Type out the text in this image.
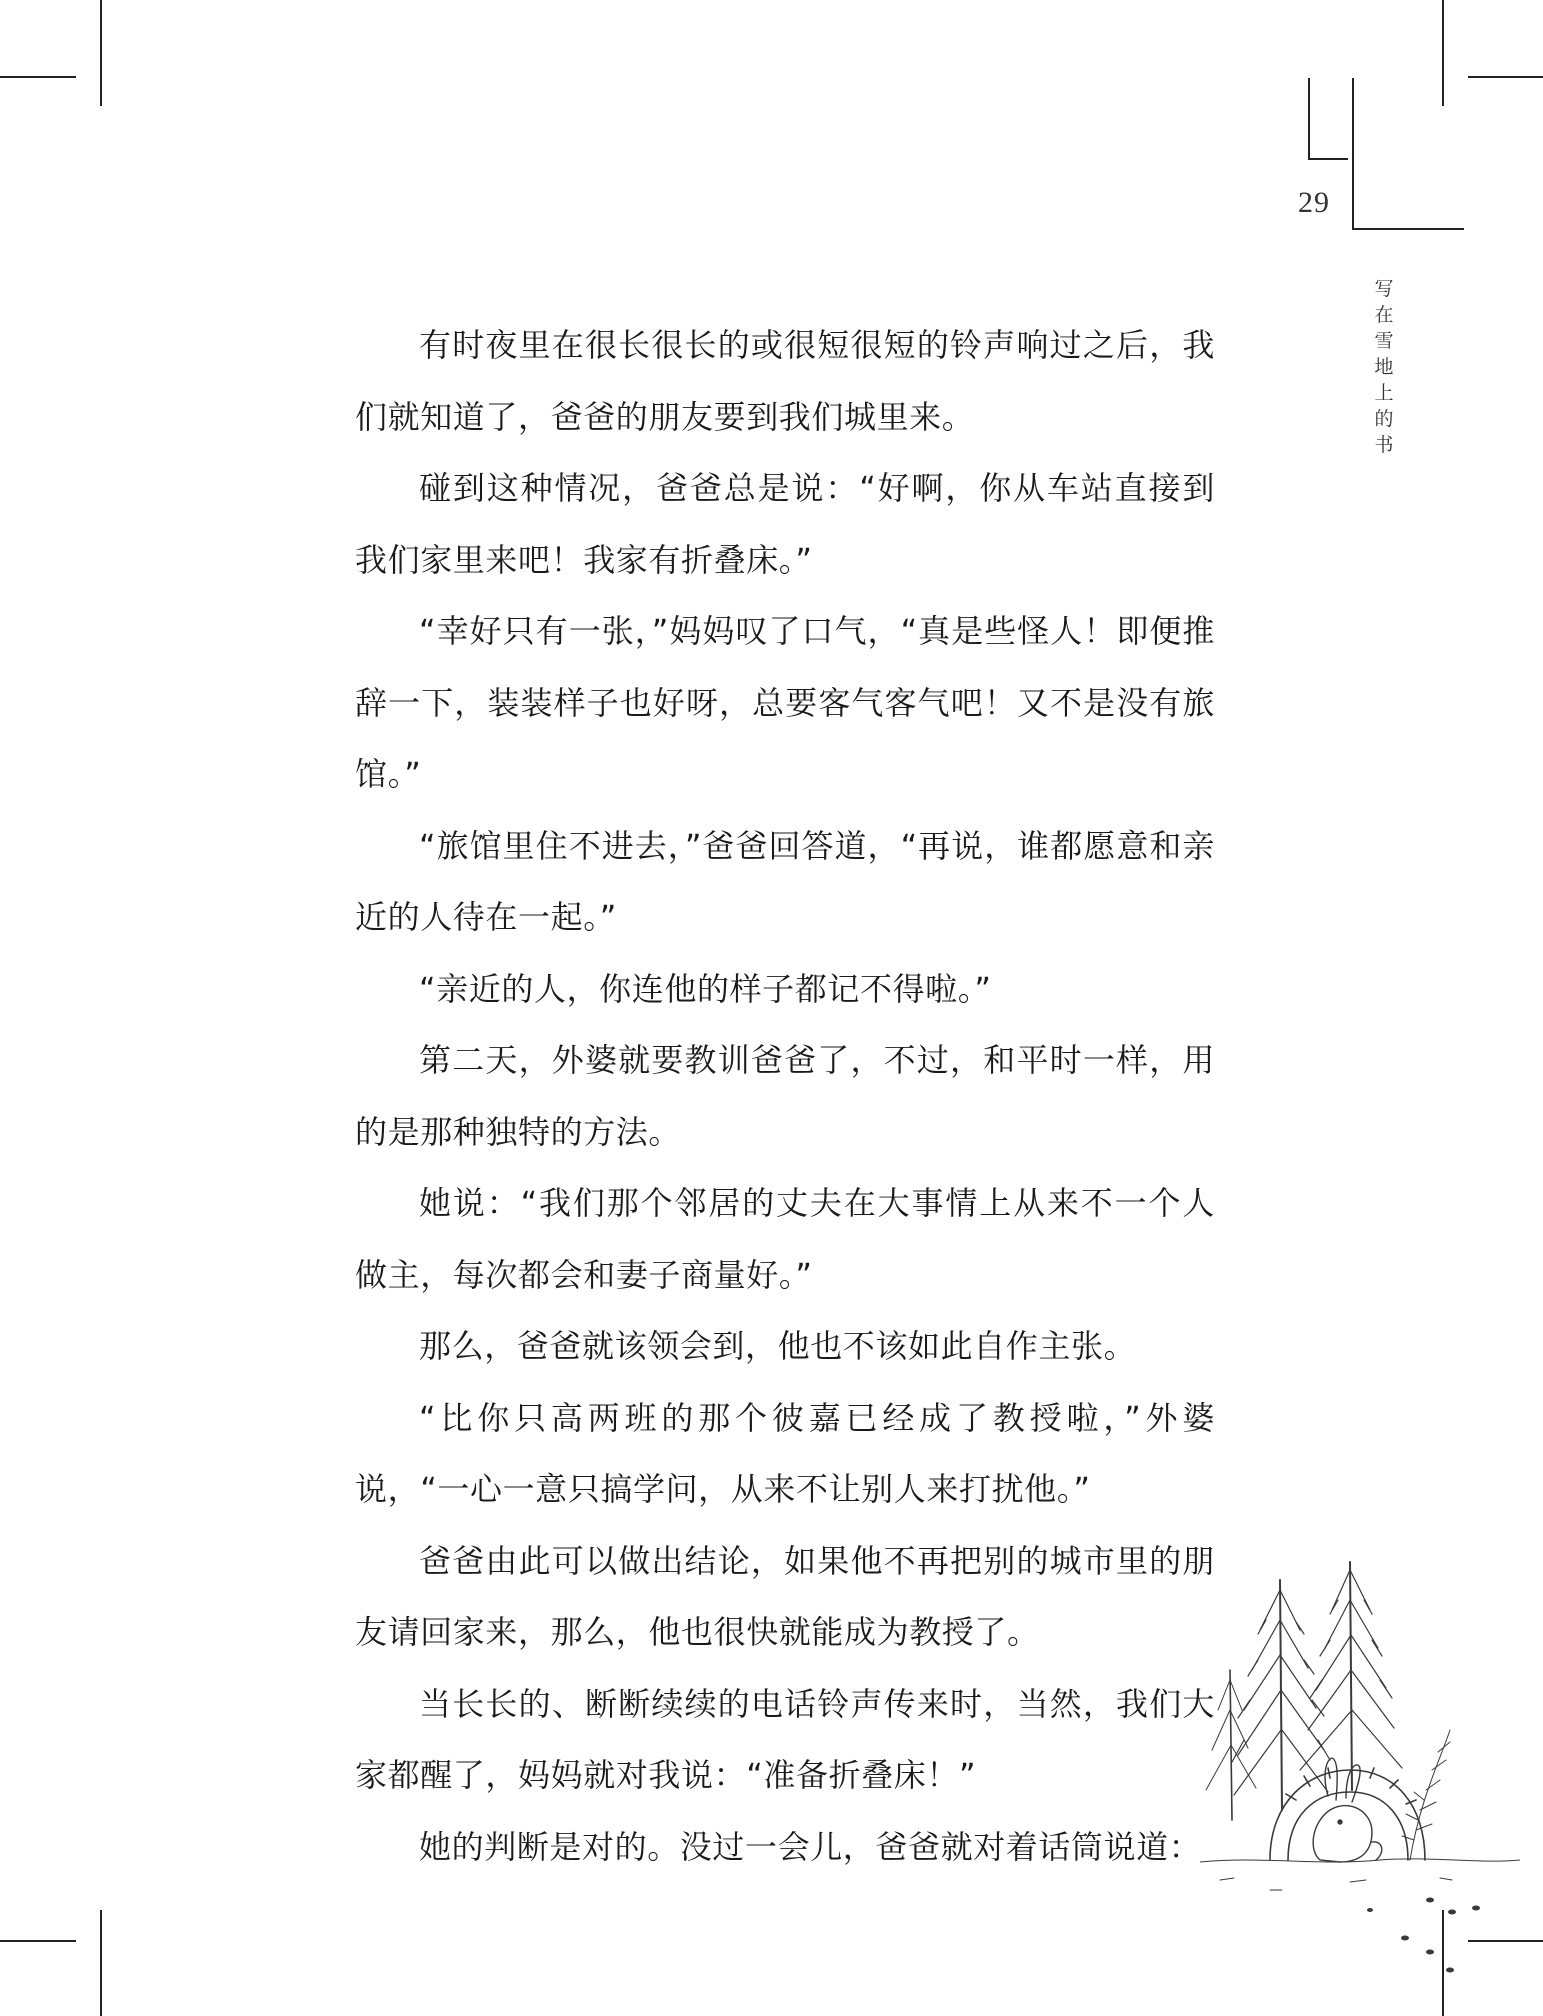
29
写在雪地上的书

有时夜里在很长很长的或很短很短的铃声响过之后，我们就知道了，爸爸的朋友要到我们城里来。

碰到这种情况，爸爸总是说：“好啊，你从车站直接到我们家里来吧！我家有折叠床。”

“幸好只有一张，”妈妈叹了口气，“真是些怪人！即便推辞一下，装装样子也好呀，总要客气客气吧！又不是没有旅馆。”

“旅馆里住不进去，”爸爸回答道，“再说，谁都愿意和亲近的人待在一起。”

“亲近的人，你连他的样子都记不得啦。”

第二天，外婆就要教训爸爸了，不过，和平时一样，用的是那种独特的方法。

她说：“我们那个邻居的丈夫在大事情上从来不一个人做主，每次都会和妻子商量好。”

那么，爸爸就该领会到，他也不该如此自作主张。

“比你只高两班的那个彼嘉已经成了教授啦，”外婆说，“一心一意只搞学问，从来不让别人来打扰他。”

爸爸由此可以做出结论，如果他不再把别的城市里的朋友请回家来，那么，他也很快就能成为教授了。

当长长的、断断续续的电话铃声传来时，当然，我们大家都醒了，妈妈就对我说：“准备折叠床！”

她的判断是对的。没过一会儿，爸爸就对着话筒说道：
